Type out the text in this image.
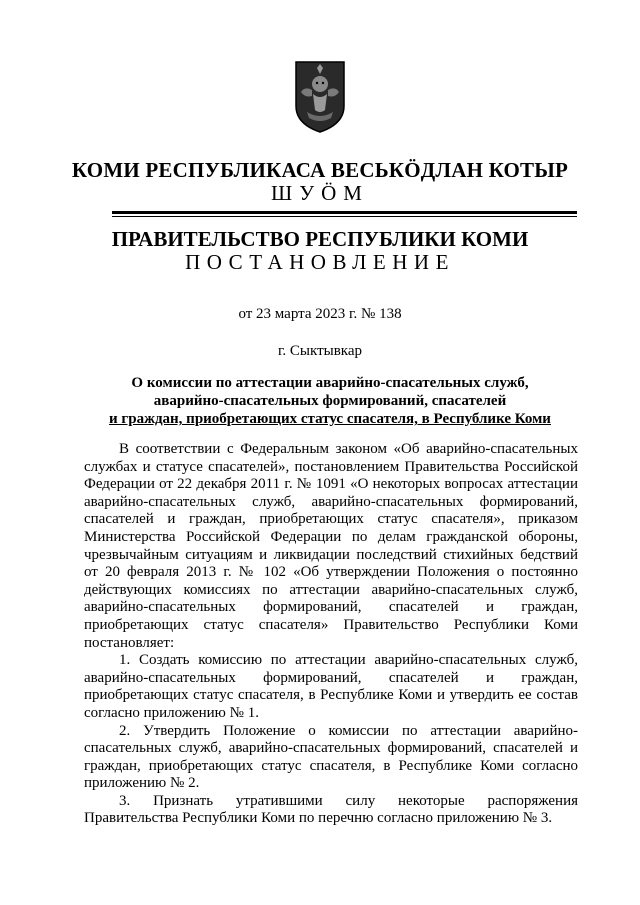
КОМИ РЕСПУБЛИКАСА ВЕСЬКӦДЛАН КОТЫР
ШУӦМ
ПРАВИТЕЛЬСТВО РЕСПУБЛИКИ КОМИ
ПОСТАНОВЛЕНИЕ
от 23 марта 2023 г. № 138
г. Сыктывкар
О комиссии по аттестации аварийно-спасательных служб,
аварийно-спасательных формирований, спасателей
и граждан, приобретающих статус спасателя, в Республике Коми

В соответствии с Федеральным законом «Об аварийно-спасательных службах и статусе спасателей», постановлением Правительства Российской Федерации от 22 декабря 2011 г. № 1091 «О некоторых вопросах аттестации аварийно-спасательных служб, аварийно-спасательных формирований, спасателей и граждан, приобретающих статус спасателя», приказом Министерства Российской Федерации по делам гражданской обороны, чрезвычайным ситуациям и ликвидации последствий стихийных бедствий от 20 февраля 2013 г. № 102 «Об утверждении Положения о постоянно действующих комиссиях по аттестации аварийно-спасательных служб, аварийно-спасательных формирований, спасателей и граждан, приобретающих статус спасателя» Правительство Республики Коми постановляет:

1. Создать комиссию по аттестации аварийно-спасательных служб, аварийно-спасательных формирований, спасателей и граждан, приобретающих статус спасателя, в Республике Коми и утвердить ее состав согласно приложению № 1.

2. Утвердить Положение о комиссии по аттестации аварийно-спасательных служб, аварийно-спасательных формирований, спасателей и граждан, приобретающих статус спасателя, в Республике Коми согласно приложению № 2.

3. Признать утратившими силу некоторые распоряжения Правительства Республики Коми по перечню согласно приложению № 3.
